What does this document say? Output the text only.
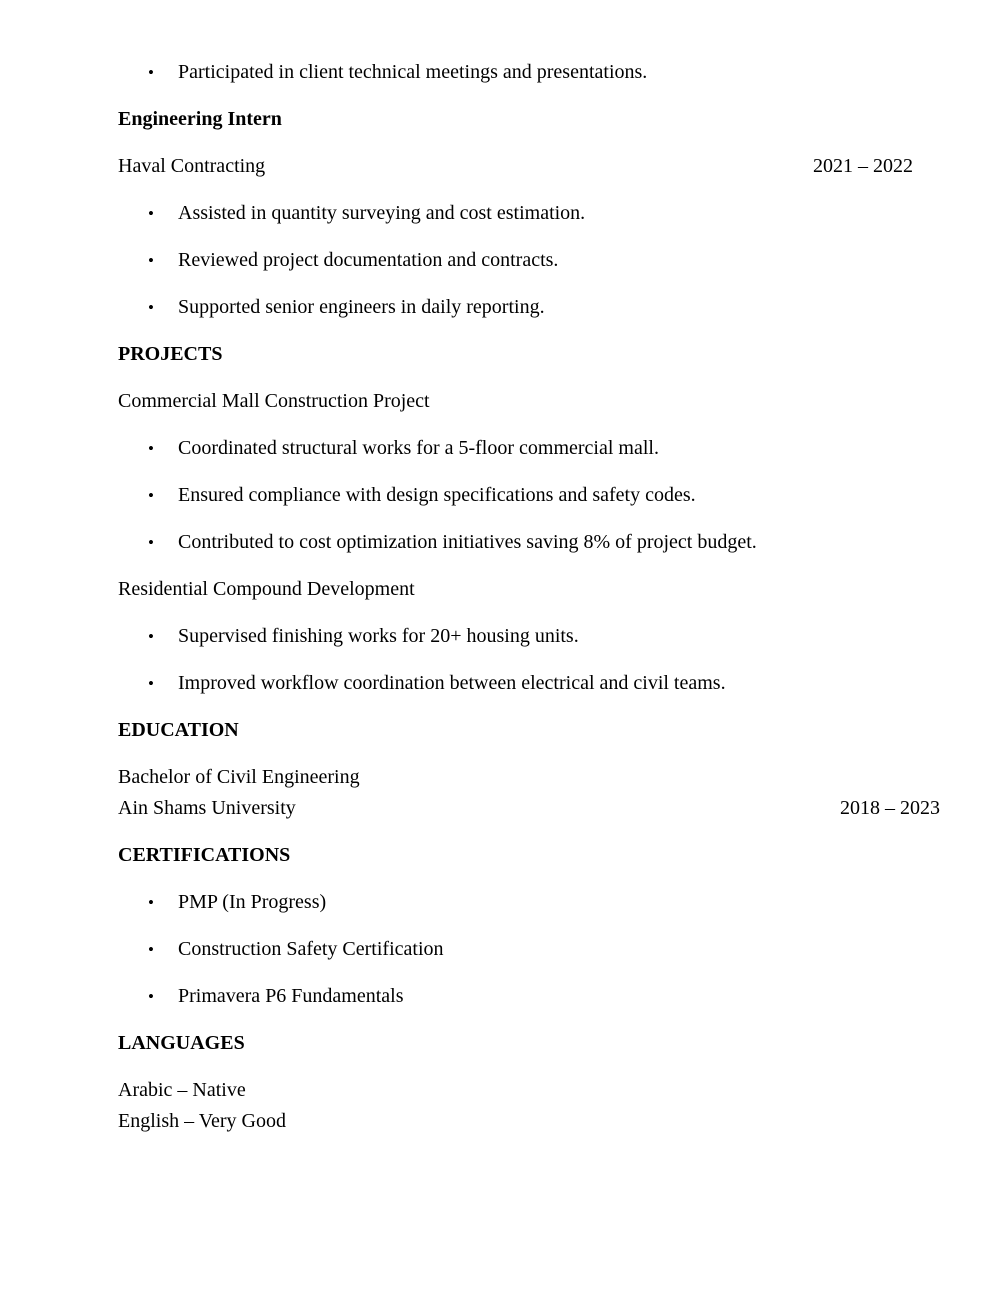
• Participated in client technical meetings and presentations.

Engineering Intern

Haval Contracting	2021 – 2022

• Assisted in quantity surveying and cost estimation.
• Reviewed project documentation and contracts.
• Supported senior engineers in daily reporting.

PROJECTS

Commercial Mall Construction Project

• Coordinated structural works for a 5-floor commercial mall.
• Ensured compliance with design specifications and safety codes.
• Contributed to cost optimization initiatives saving 8% of project budget.

Residential Compound Development

• Supervised finishing works for 20+ housing units.
• Improved workflow coordination between electrical and civil teams.

EDUCATION

Bachelor of Civil Engineering
Ain Shams University	2018 – 2023

CERTIFICATIONS

• PMP (In Progress)
• Construction Safety Certification
• Primavera P6 Fundamentals

LANGUAGES

Arabic – Native
English – Very Good
